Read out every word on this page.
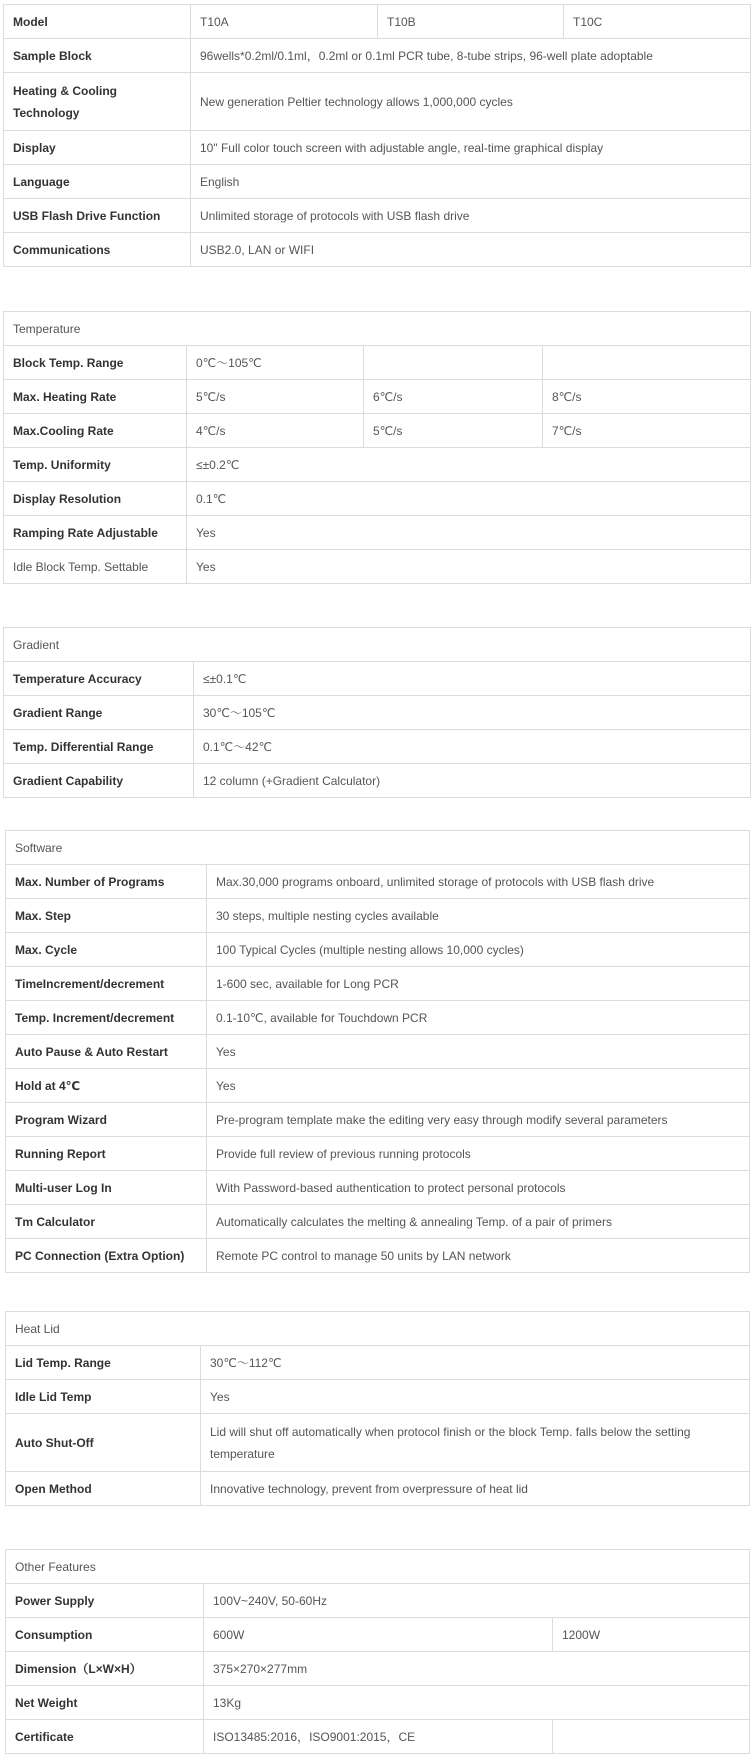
Model	T10A	T10B	T10C
Sample Block	96wells*0.2ml/0.1ml，0.2ml or 0.1ml PCR tube, 8-tube strips, 96-well plate adoptable		
Heating & Cooling Technology	New generation Peltier technology allows 1,000,000 cycles		
Display	10" Full color touch screen with adjustable angle, real-time graphical display		
Language	English		
USB Flash Drive Function	Unlimited storage of protocols with USB flash drive		
Communications	USB2.0, LAN or WIFI		
Temperature			
Block Temp. Range	0℃～105℃		
Max. Heating Rate	5℃/s	6℃/s	8℃/s
Max.Cooling Rate	4℃/s	5℃/s	7℃/s
Temp. Uniformity	≤±0.2℃		
Display Resolution	0.1℃		
Ramping Rate Adjustable	Yes		
Idle Block Temp. Settable	Yes		
Gradient	
Temperature Accuracy	≤±0.1℃
Gradient Range	30℃～105℃
Temp. Differential Range	0.1℃～42℃
Gradient Capability	12 column (+Gradient Calculator)
Software	
Max. Number of Programs	Max.30,000 programs onboard, unlimited storage of protocols with USB flash drive
Max. Step	30 steps, multiple nesting cycles available
Max. Cycle	100 Typical Cycles (multiple nesting allows 10,000 cycles)
TimeIncrement/decrement	1-600 sec, available for Long PCR
Temp. Increment/decrement	0.1-10℃, available for Touchdown PCR
Auto Pause & Auto Restart	Yes
Hold at 4℃	Yes
Program Wizard	Pre-program template make the editing very easy through modify several parameters
Running Report	Provide full review of previous running protocols
Multi-user Log In	With Password-based authentication to protect personal protocols
Tm Calculator	Automatically calculates the melting & annealing Temp. of a pair of primers
PC Connection (Extra Option)	Remote PC control to manage 50 units by LAN network
Heat Lid	
Lid Temp. Range	30℃～112℃
Idle Lid Temp	Yes
Auto Shut-Off	Lid will shut off automatically when protocol finish or the block Temp. falls below the setting temperature
Open Method	Innovative technology, prevent from overpressure of heat lid
Other Features		
Power Supply	100V~240V, 50-60Hz	
Consumption	600W	1200W
Dimension（L×W×H）	375×270×277mm	
Net Weight	13Kg	
Certificate	ISO13485:2016，ISO9001:2015，CE	
